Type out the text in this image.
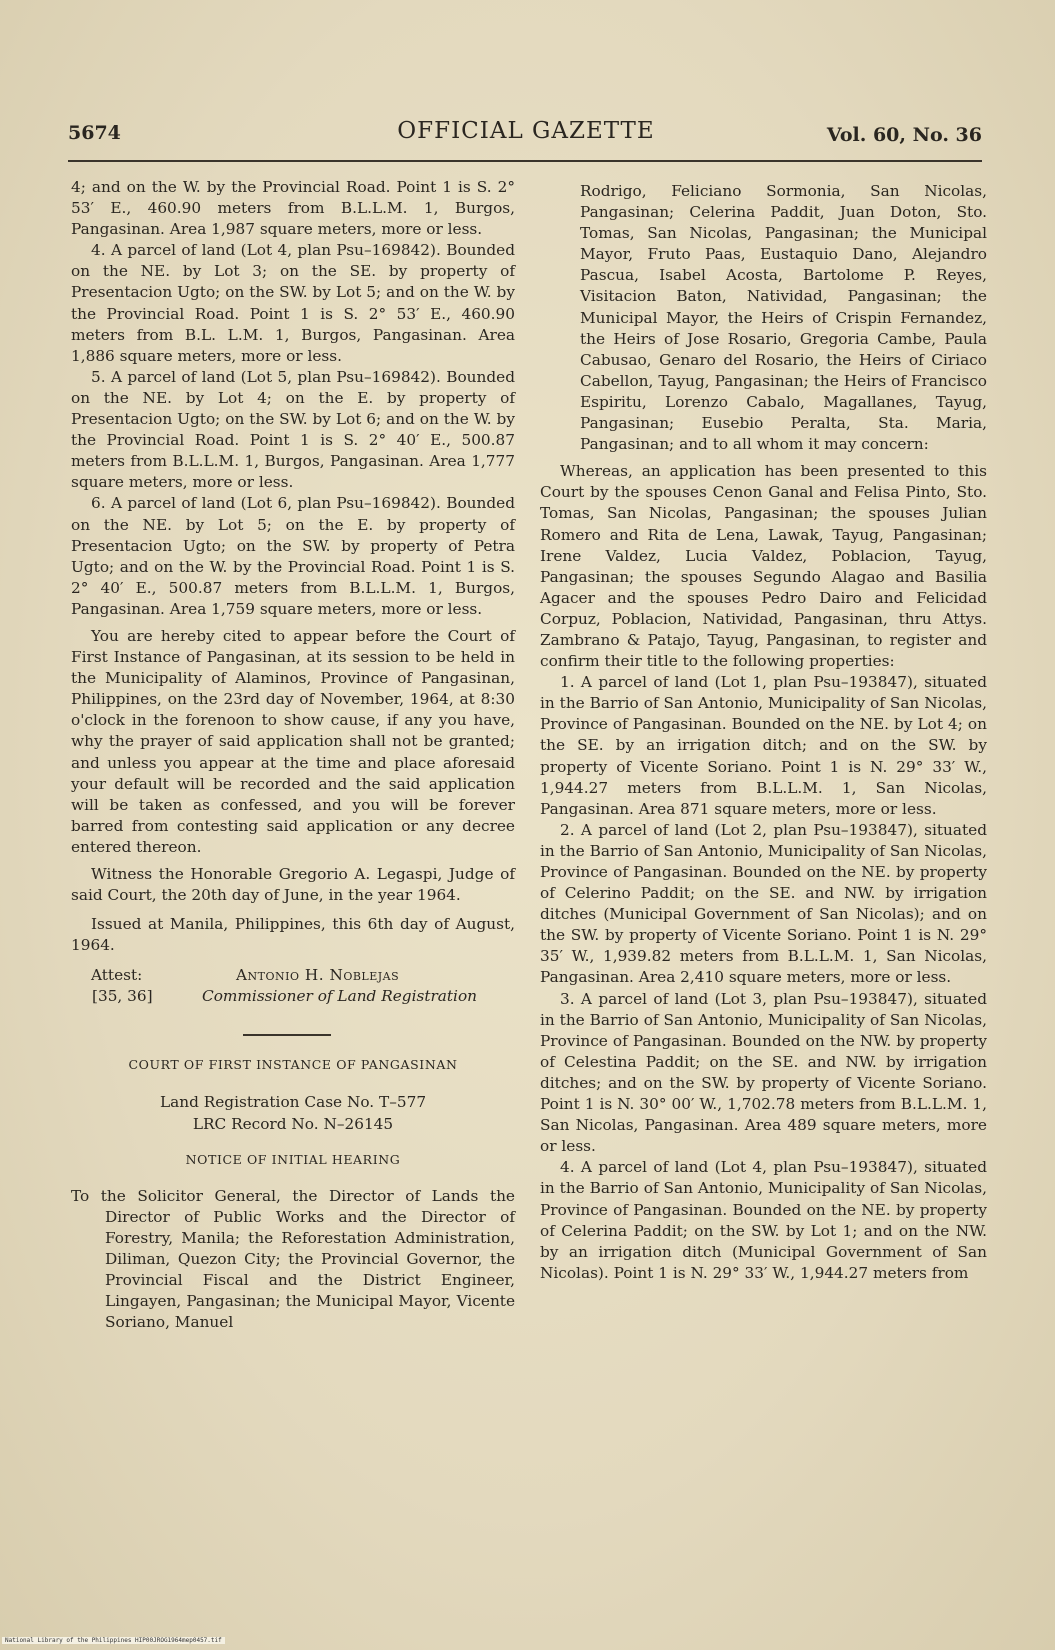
5674	OFFICIAL GAZETTE	Vol. 60, No. 36

4; and on the W. by the Provincial Road. Point 1 is S. 2° 53′ E., 460.90 meters from B.L.L.M. 1, Burgos, Pangasinan. Area 1,987 square meters, more or less.

4. A parcel of land (Lot 4, plan Psu–169842). Bounded on the NE. by Lot 3; on the SE. by property of Presentacion Ugto; on the SW. by Lot 5; and on the W. by the Provincial Road. Point 1 is S. 2° 53′ E., 460.90 meters from B.L. L.M. 1, Burgos, Pangasinan. Area 1,886 square meters, more or less.

5. A parcel of land (Lot 5, plan Psu–169842). Bounded on the NE. by Lot 4; on the E. by property of Presentacion Ugto; on the SW. by Lot 6; and on the W. by the Provincial Road. Point 1 is S. 2° 40′ E., 500.87 meters from B.L.L.M. 1, Burgos, Pangasinan. Area 1,777 square meters, more or less.

6. A parcel of land (Lot 6, plan Psu–169842). Bounded on the NE. by Lot 5; on the E. by property of Presentacion Ugto; on the SW. by property of Petra Ugto; and on the W. by the Provincial Road. Point 1 is S. 2° 40′ E., 500.87 meters from B.L.L.M. 1, Burgos, Pangasinan. Area 1,759 square meters, more or less.

You are hereby cited to appear before the Court of First Instance of Pangasinan, at its session to be held in the Municipality of Alaminos, Province of Pangasinan, Philippines, on the 23rd day of November, 1964, at 8:30 o'clock in the forenoon to show cause, if any you have, why the prayer of said application shall not be granted; and unless you appear at the time and place aforesaid your default will be recorded and the said application will be taken as confessed, and you will be forever barred from contesting said application or any decree entered thereon.

Witness the Honorable Gregorio A. Legaspi, Judge of said Court, the 20th day of June, in the year 1964.

Issued at Manila, Philippines, this 6th day of August, 1964.

Attest:	Antonio H. Noblejas
[35, 36]	Commissioner of Land Registration
COURT OF FIRST INSTANCE OF PANGASINAN
Land Registration Case No. T–577
LRC Record No. N–26145
NOTICE OF INITIAL HEARING

To the Solicitor General, the Director of Lands the Director of Public Works and the Director of Forestry, Manila; the Reforestation Administration, Diliman, Quezon City; the Provincial Governor, the Provincial Fiscal and the District Engineer, Lingayen, Pangasinan; the Municipal Mayor, Vicente Soriano, Manuel

Rodrigo, Feliciano Sormonia, San Nicolas, Pangasinan; Celerina Paddit, Juan Doton, Sto. Tomas, San Nicolas, Pangasinan; the Municipal Mayor, Fruto Paas, Eustaquio Dano, Alejandro Pascua, Isabel Acosta, Bartolome P. Reyes, Visitacion Baton, Natividad, Pangasinan; the Municipal Mayor, the Heirs of Crispin Fernandez, the Heirs of Jose Rosario, Gregoria Cambe, Paula Cabusao, Genaro del Rosario, the Heirs of Ciriaco Cabellon, Tayug, Pangasinan; the Heirs of Francisco Espiritu, Lorenzo Cabalo, Magallanes, Tayug, Pangasinan; Eusebio Peralta, Sta. Maria, Pangasinan; and to all whom it may concern:

Whereas, an application has been presented to this Court by the spouses Cenon Ganal and Felisa Pinto, Sto. Tomas, San Nicolas, Pangasinan; the spouses Julian Romero and Rita de Lena, Lawak, Tayug, Pangasinan; Irene Valdez, Lucia Valdez, Poblacion, Tayug, Pangasinan; the spouses Segundo Alagao and Basilia Agacer and the spouses Pedro Dairo and Felicidad Corpuz, Poblacion, Natividad, Pangasinan, thru Attys. Zambrano & Patajo, Tayug, Pangasinan, to register and confirm their title to the following properties:

1. A parcel of land (Lot 1, plan Psu–193847), situated in the Barrio of San Antonio, Municipality of San Nicolas, Province of Pangasinan. Bounded on the NE. by Lot 4; on the SE. by an irrigation ditch; and on the SW. by property of Vicente Soriano. Point 1 is N. 29° 33′ W., 1,944.27 meters from B.L.L.M. 1, San Nicolas, Pangasinan. Area 871 square meters, more or less.

2. A parcel of land (Lot 2, plan Psu–193847), situated in the Barrio of San Antonio, Municipality of San Nicolas, Province of Pangasinan. Bounded on the NE. by property of Celerino Paddit; on the SE. and NW. by irrigation ditches (Municipal Government of San Nicolas); and on the SW. by property of Vicente Soriano. Point 1 is N. 29° 35′ W., 1,939.82 meters from B.L.L.M. 1, San Nicolas, Pangasinan. Area 2,410 square meters, more or less.

3. A parcel of land (Lot 3, plan Psu–193847), situated in the Barrio of San Antonio, Municipality of San Nicolas, Province of Pangasinan. Bounded on the NW. by property of Celestina Paddit; on the SE. and NW. by irrigation ditches; and on the SW. by property of Vicente Soriano. Point 1 is N. 30° 00′ W., 1,702.78 meters from B.L.L.M. 1, San Nicolas, Pangasinan. Area 489 square meters, more or less.

4. A parcel of land (Lot 4, plan Psu–193847), situated in the Barrio of San Antonio, Municipality of San Nicolas, Province of Pangasinan. Bounded on the NE. by property of Celerina Paddit; on the SW. by Lot 1; and on the NW. by an irrigation ditch (Municipal Government of San Nicolas). Point 1 is N. 29° 33′ W., 1,944.27 meters from

National Library of the Philippines HIP00JROG1964mep0457.tif
